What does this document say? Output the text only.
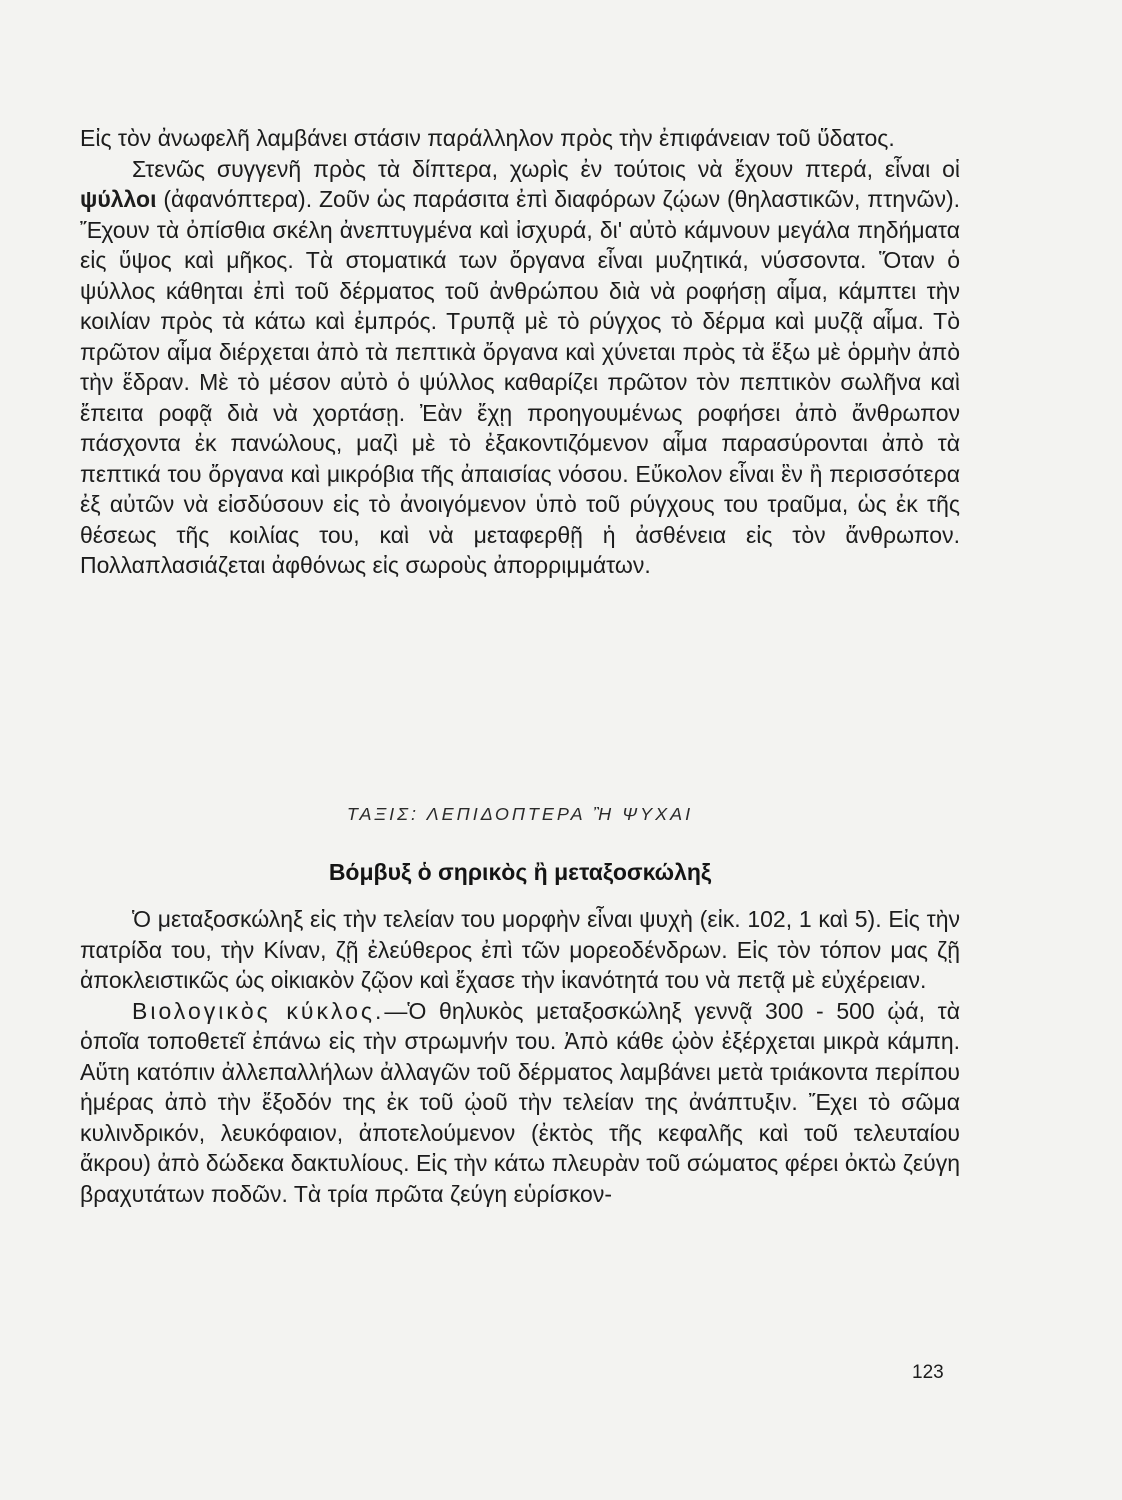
Εἰς τὸν ἀνωφελῆ λαμβάνει στάσιν παράλληλον πρὸς τὴν ἐπιφάνειαν τοῦ ὕδατος.

Στενῶς συγγενῆ πρὸς τὰ δίπτερα, χωρὶς ἐν τούτοις νὰ ἔχουν πτερά, εἶναι οἱ ψύλλοι (ἀφανόπτερα). Ζοῦν ὡς παράσιτα ἐπὶ διαφόρων ζῴων (θηλαστικῶν, πτηνῶν). Ἔχουν τὰ ὀπίσθια σκέλη ἀνεπτυγμένα καὶ ἰσχυρά, δι' αὐτὸ κάμνουν μεγάλα πηδήματα εἰς ὕψος καὶ μῆκος. Τὰ στοματικά των ὄργανα εἶναι μυζητικά, νύσσοντα. Ὅταν ὁ ψύλλος κάθηται ἐπὶ τοῦ δέρματος τοῦ ἀνθρώπου διὰ νὰ ροφήσῃ αἷμα, κάμπτει τὴν κοιλίαν πρὸς τὰ κάτω καὶ ἐμπρός. Τρυπᾷ μὲ τὸ ρύγχος τὸ δέρμα καὶ μυζᾷ αἷμα. Τὸ πρῶτον αἷμα διέρχεται ἀπὸ τὰ πεπτικὰ ὄργανα καὶ χύνεται πρὸς τὰ ἔξω μὲ ὁρμὴν ἀπὸ τὴν ἕδραν. Μὲ τὸ μέσον αὐτὸ ὁ ψύλλος καθαρίζει πρῶτον τὸν πεπτικὸν σωλῆνα καὶ ἔπειτα ροφᾷ διὰ νὰ χορτάσῃ. Ἐὰν ἔχῃ προηγουμένως ροφήσει ἀπὸ ἄνθρωπον πάσχοντα ἐκ πανώλους, μαζὶ μὲ τὸ ἐξακοντιζόμενον αἷμα παρασύρονται ἀπὸ τὰ πεπτικά του ὄργανα καὶ μικρόβια τῆς ἀπαισίας νόσου. Εὔκολον εἶναι ἓν ἢ περισσότερα ἐξ αὐτῶν νὰ εἰσδύσουν εἰς τὸ ἀνοιγόμενον ὑπὸ τοῦ ρύγχους του τραῦμα, ὡς ἐκ τῆς θέσεως τῆς κοιλίας του, καὶ νὰ μεταφερθῇ ἡ ἀσθένεια εἰς τὸν ἄνθρωπον. Πολλαπλασιάζεται ἀφθόνως εἰς σωροὺς ἀπορριμμάτων.

ΤΑΞΙΣ: ΛΕΠΙΔΟΠΤΕΡΑ Ἢ ΨΥΧΑΙ
Βόμβυξ ὁ σηρικὸς ἢ μεταξοσκώληξ

Ὁ μεταξοσκώληξ εἰς τὴν τελείαν του μορφὴν εἶναι ψυχὴ (εἰκ. 102, 1 καὶ 5). Εἰς τὴν πατρίδα του, τὴν Κίναν, ζῇ ἐλεύθερος ἐπὶ τῶν μορεοδένδρων. Εἰς τὸν τόπον μας ζῇ ἀποκλειστικῶς ὡς οἰκιακὸν ζῷον καὶ ἔχασε τὴν ἱκανότητά του νὰ πετᾷ μὲ εὐχέρειαν.

Βιολογικὸς κύκλος.—Ὁ θηλυκὸς μεταξοσκώληξ γεννᾷ 300 - 500 ᾠά, τὰ ὁποῖα τοποθετεῖ ἐπάνω εἰς τὴν στρωμνήν του. Ἀπὸ κάθε ᾠὸν ἐξέρχεται μικρὰ κάμπη. Αὕτη κατόπιν ἀλλεπαλλήλων ἀλλαγῶν τοῦ δέρματος λαμβάνει μετὰ τριάκοντα περίπου ἡμέρας ἀπὸ τὴν ἔξοδόν της ἐκ τοῦ ᾠοῦ τὴν τελείαν της ἀνάπτυξιν. Ἔχει τὸ σῶμα κυλινδρικόν, λευκόφαιον, ἀποτελούμενον (ἐκτὸς τῆς κεφαλῆς καὶ τοῦ τελευταίου ἄκρου) ἀπὸ δώδεκα δακτυλίους. Εἰς τὴν κάτω πλευρὰν τοῦ σώματος φέρει ὀκτὼ ζεύγη βραχυτάτων ποδῶν. Τὰ τρία πρῶτα ζεύγη εὑρίσκον-

123
